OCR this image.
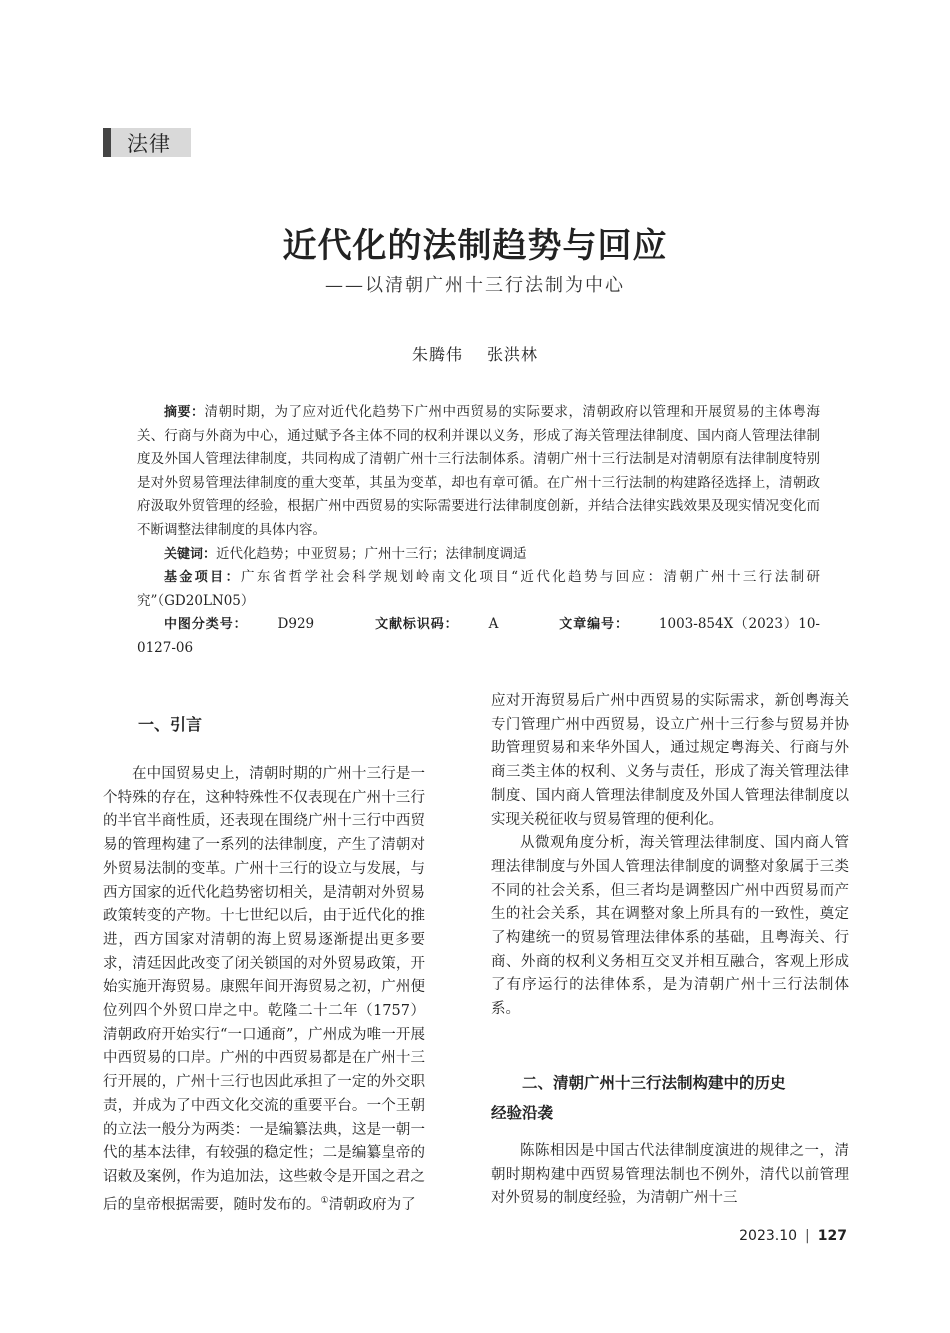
法律
近代化的法制趋势与回应
——以清朝广州十三行法制为中心
朱腾伟 张洪林

摘要：清朝时期，为了应对近代化趋势下广州中西贸易的实际要求，清朝政府以管理和开展贸易的主体粤海关、行商与外商为中心，通过赋予各主体不同的权利并课以义务，形成了海关管理法律制度、国内商人管理法律制度及外国人管理法律制度，共同构成了清朝广州十三行法制体系。清朝广州十三行法制是对清朝原有法律制度特别是对外贸易管理法律制度的重大变革，其虽为变革，却也有章可循。在广州十三行法制的构建路径选择上，清朝政府汲取外贸管理的经验，根据广州中西贸易的实际需要进行法律制度创新，并结合法律实践效果及现实情况变化而不断调整法律制度的具体内容。

关键词：近代化趋势；中亚贸易；广州十三行；法律制度调适

基金项目：广东省哲学社会科学规划岭南文化项目“近代化趋势与回应：清朝广州十三行法制研究”（GD20LN05）

中图分类号： D929	文献标识码： A	文章编号： 1003-854X（2023）10-0127-06

一、引言

在中国贸易史上，清朝时期的广州十三行是一个特殊的存在，这种特殊性不仅表现在广州十三行的半官半商性质，还表现在围绕广州十三行中西贸易的管理构建了一系列的法律制度，产生了清朝对外贸易法制的变革。广州十三行的设立与发展，与西方国家的近代化趋势密切相关，是清朝对外贸易政策转变的产物。十七世纪以后，由于近代化的推进，西方国家对清朝的海上贸易逐渐提出更多要求，清廷因此改变了闭关锁国的对外贸易政策，开始实施开海贸易。康熙年间开海贸易之初，广州便位列四个外贸口岸之中。乾隆二十二年（1757）清朝政府开始实行“一口通商”，广州成为唯一开展中西贸易的口岸。广州的中西贸易都是在广州十三行开展的，广州十三行也因此承担了一定的外交职责，并成为了中西文化交流的重要平台。一个王朝的立法一般分为两类：一是编纂法典，这是一朝一代的基本法律，有较强的稳定性；二是编纂皇帝的诏敕及案例，作为追加法，这些敕令是开国之君之后的皇帝根据需要，随时发布的。①清朝政府为了

应对开海贸易后广州中西贸易的实际需求，新创粤海关专门管理广州中西贸易，设立广州十三行参与贸易并协助管理贸易和来华外国人，通过规定粤海关、行商与外商三类主体的权利、义务与责任，形成了海关管理法律制度、国内商人管理法律制度及外国人管理法律制度以实现关税征收与贸易管理的便利化。

从微观角度分析，海关管理法律制度、国内商人管理法律制度与外国人管理法律制度的调整对象属于三类不同的社会关系，但三者均是调整因广州中西贸易而产生的社会关系，其在调整对象上所具有的一致性，奠定了构建统一的贸易管理法律体系的基础，且粤海关、行商、外商的权利义务相互交叉并相互融合，客观上形成了有序运行的法律体系，是为清朝广州十三行法制体系。

二、清朝广州十三行法制构建中的历史
经验沿袭

陈陈相因是中国古代法律制度演进的规律之一，清朝时期构建中西贸易管理法制也不例外，清代以前管理对外贸易的制度经验，为清朝广州十三

2023.10 | 127
